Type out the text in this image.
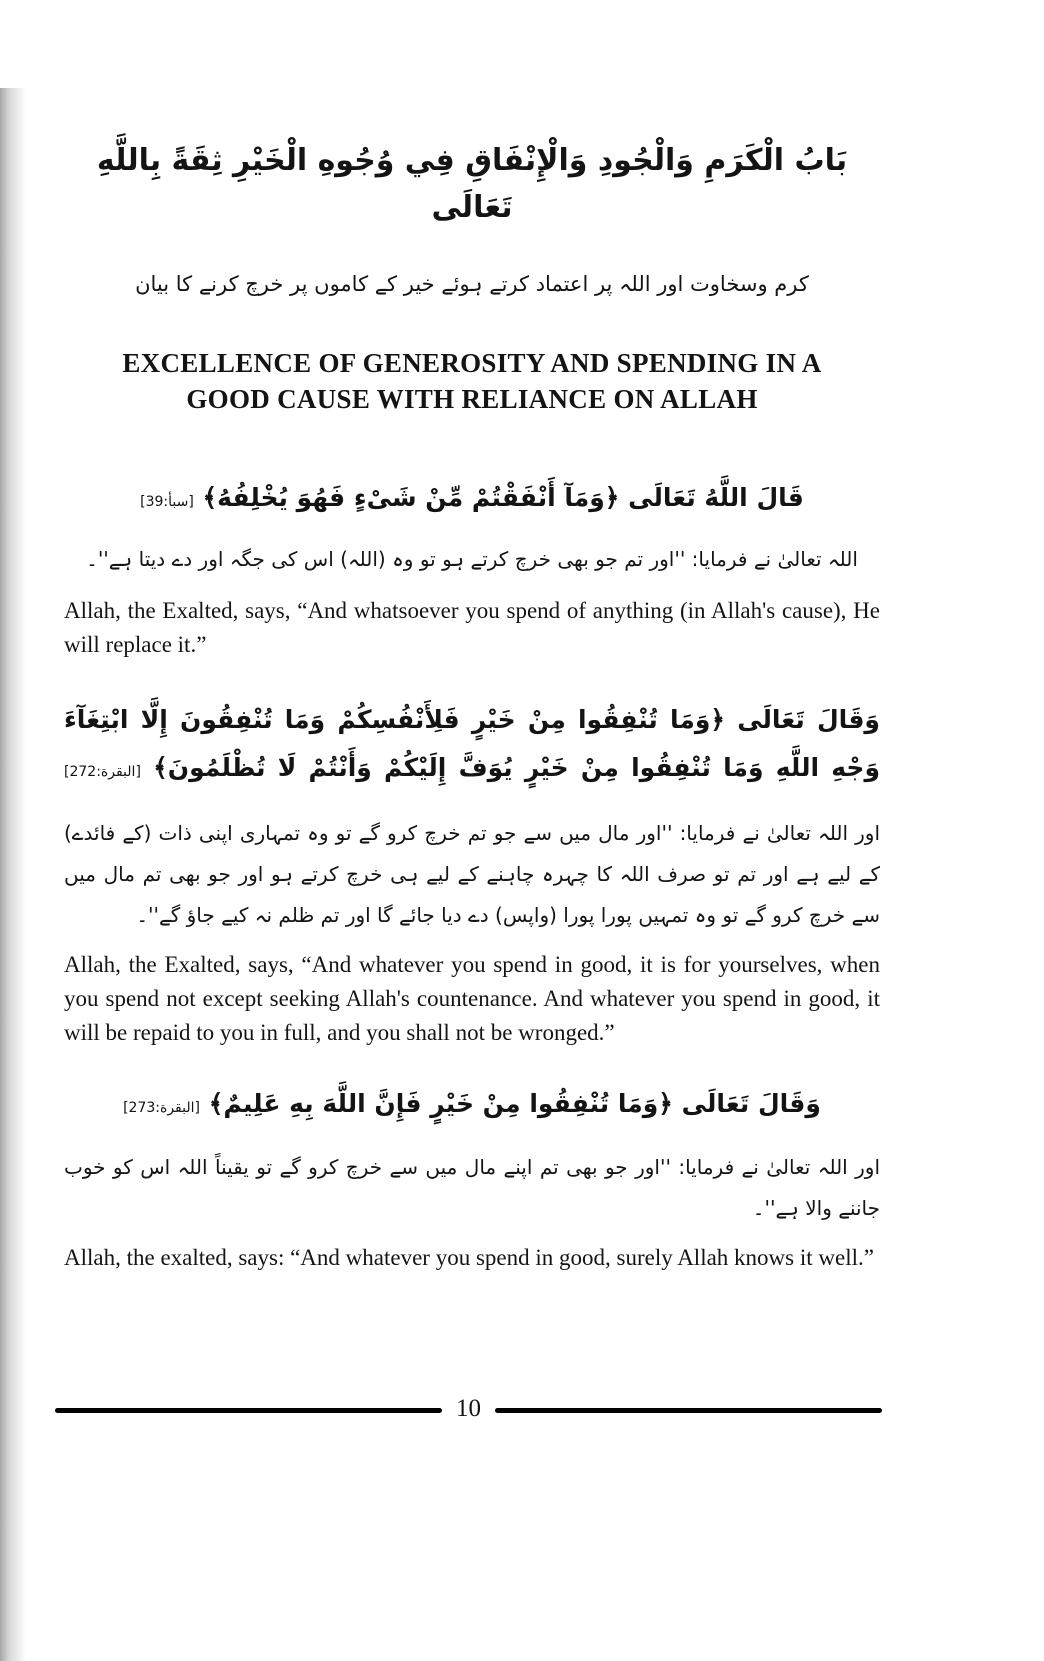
بَابُ الْكَرَمِ وَالْجُودِ وَالْإِنْفَاقِ فِي وُجُوهِ الْخَيْرِ ثِقَةً بِاللَّهِ تَعَالَى
کرم وسخاوت اور اللہ پر اعتماد کرتے ہوئے خیر کے کاموں پر خرچ کرنے کا بیان
EXCELLENCE OF GENEROSITY AND SPENDING IN A GOOD CAUSE WITH RELIANCE ON ALLAH
قَالَ اللَّهُ تَعَالَى ﴿وَمَآ أَنْفَقْتُمْ مِّنْ شَىْءٍ فَهُوَ يُخْلِفُهُ﴾ [سبأ:39]
اللہ تعالیٰ نے فرمایا: ''اور تم جو بھی خرچ کرتے ہو تو وہ (اللہ) اس کی جگہ اور دے دیتا ہے''۔
Allah, the Exalted, says, “And whatsoever you spend of anything (in Allah's cause), He will replace it.”
وَقَالَ تَعَالَى ﴿وَمَا تُنْفِقُوا مِنْ خَيْرٍ فَلِأَنْفُسِكُمْ وَمَا تُنْفِقُونَ إِلَّا ابْتِغَآءَ وَجْهِ اللَّهِ وَمَا تُنْفِقُوا مِنْ خَيْرٍ يُوَفَّ إِلَيْكُمْ وَأَنْتُمْ لَا تُظْلَمُونَ﴾ [البقرة:272]
اور اللہ تعالیٰ نے فرمایا: ''اور مال میں سے جو تم خرچ کرو گے تو وہ تمہاری اپنی ذات (کے فائدے) کے لیے ہے اور تم تو صرف اللہ کا چہرہ چاہنے کے لیے ہی خرچ کرتے ہو اور جو بھی تم مال میں سے خرچ کرو گے تو وہ تمہیں پورا پورا (واپس) دے دیا جائے گا اور تم ظلم نہ کیے جاؤ گے''۔
Allah, the Exalted, says, “And whatever you spend in good, it is for yourselves, when you spend not except seeking Allah's countenance. And whatever you spend in good, it will be repaid to you in full, and you shall not be wronged.”
وَقَالَ تَعَالَى ﴿وَمَا تُنْفِقُوا مِنْ خَيْرٍ فَإِنَّ اللَّهَ بِهِ عَلِيمٌ﴾ [البقرة:273]
اور اللہ تعالیٰ نے فرمایا: ''اور جو بھی تم اپنے مال میں سے خرچ کرو گے تو یقیناً اللہ اس کو خوب جاننے والا ہے''۔
Allah, the exalted, says: “And whatever you spend in good, surely Allah knows it well.”
10
